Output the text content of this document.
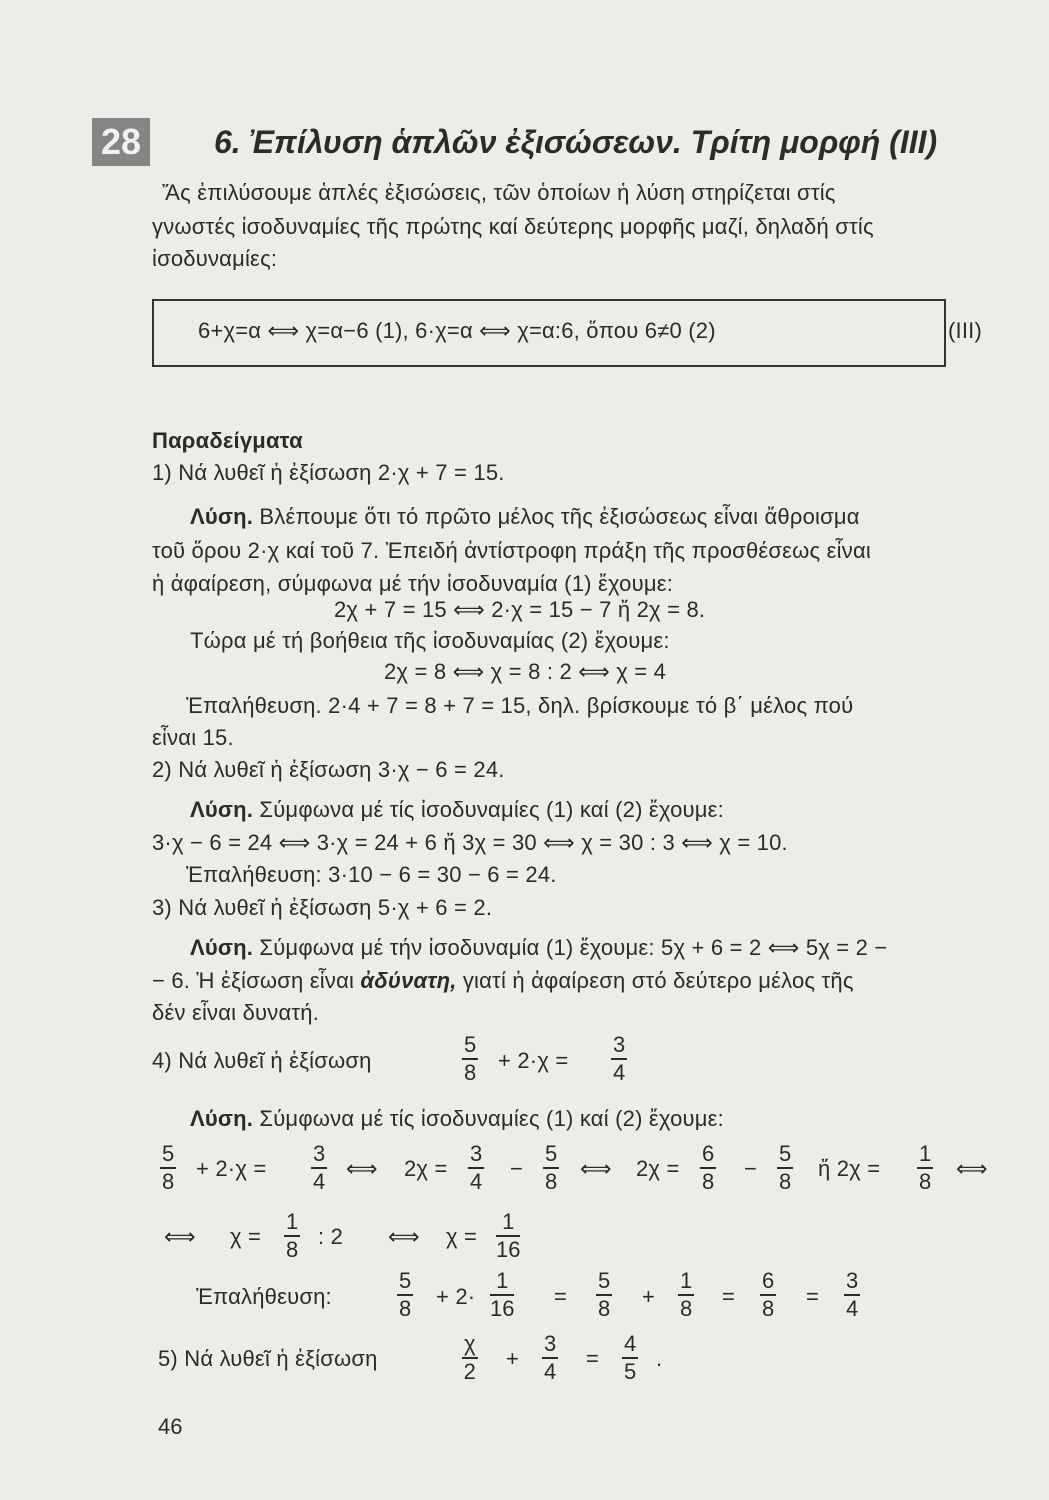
28 6. Ἐπίλυση ἁπλῶν ἐξισώσεων. Τρίτη μορφή (ΙΙΙ)
Ἄς ἐπιλύσουμε ἁπλές ἐξισώσεις, τῶν ὁποίων ἡ λύση στηρίζεται στίς
γνωστές ἰσοδυναμίες τῆς πρώτης καί δεύτερης μορφῆς μαζί, δηλαδή στίς
ἰσοδυναμίες:
6+χ=α ⟺ χ=α−6 (1), 6·χ=α ⟺ χ=α:6, ὅπου 6≠0 (2)	(ΙΙΙ)
Παραδείγματα
1) Νά λυθεῖ ἡ ἐξίσωση 2·χ + 7 = 15.
Λύση. Βλέπουμε ὅτι τό πρῶτο μέλος τῆς ἐξισώσεως εἶναι ἄθροισμα
τοῦ ὅρου 2·χ καί τοῦ 7. Ἐπειδή ἀντίστροφη πράξη τῆς προσθέσεως εἶναι
ἡ ἀφαίρεση, σύμφωνα μέ τήν ἰσοδυναμία (1) ἔχουμε:
2χ + 7 = 15 ⟺ 2·χ = 15 − 7 ἤ 2χ = 8.
Τώρα μέ τή βοήθεια τῆς ἰσοδυναμίας (2) ἔχουμε:
2χ = 8 ⟺ χ = 8 : 2 ⟺ χ = 4
Ἐπαλήθευση. 2·4 + 7 = 8 + 7 = 15, δηλ. βρίσκουμε τό β΄ μέλος πού
εἶναι 15.
2) Νά λυθεῖ ἡ ἐξίσωση 3·χ − 6 = 24.
Λύση. Σύμφωνα μέ τίς ἰσοδυναμίες (1) καί (2) ἔχουμε:
3·χ − 6 = 24 ⟺ 3·χ = 24 + 6 ἤ 3χ = 30 ⟺ χ = 30 : 3 ⟺ χ = 10.
Ἐπαλήθευση: 3·10 − 6 = 30 − 6 = 24.
3) Νά λυθεῖ ἡ ἐξίσωση 5·χ + 6 = 2.
Λύση. Σύμφωνα μέ τήν ἰσοδυναμία (1) ἔχουμε: 5χ + 6 = 2 ⟺ 5χ = 2 −
− 6. Ἡ ἐξίσωση εἶναι ἀδύνατη, γιατί ἡ ἀφαίρεση στό δεύτερο μέλος τῆς
δέν εἶναι δυνατή.
4) Νά λυθεῖ ἡ ἐξίσωση	$\frac{5}{8} + 2\cdot\chi = \frac{3}{4}$
Λύση. Σύμφωνα μέ τίς ἰσοδυναμίες (1) καί (2) ἔχουμε:
$\frac{5}{8} + 2\cdot\chi = \frac{3}{4}$ ⟺ $2\chi = \frac{3}{4} - \frac{5}{8}$ ⟺ $2\chi = \frac{6}{8} - \frac{5}{8}$ ἤ $2\chi = \frac{1}{8}$ ⟺
⟺ $\chi = \frac{1}{8}$ : 2 ⟺ $\chi = \frac{1}{16}$
Ἐπαλήθευση:	$\frac{5}{8} + 2\cdot \frac{1}{16} = \frac{5}{8} + \frac{1}{8} = \frac{6}{8} = \frac{3}{4}$
5) Νά λυθεῖ ἡ ἐξίσωση	$\frac{\chi}{2} + \frac{3}{4} = \frac{4}{5}$ .
46
